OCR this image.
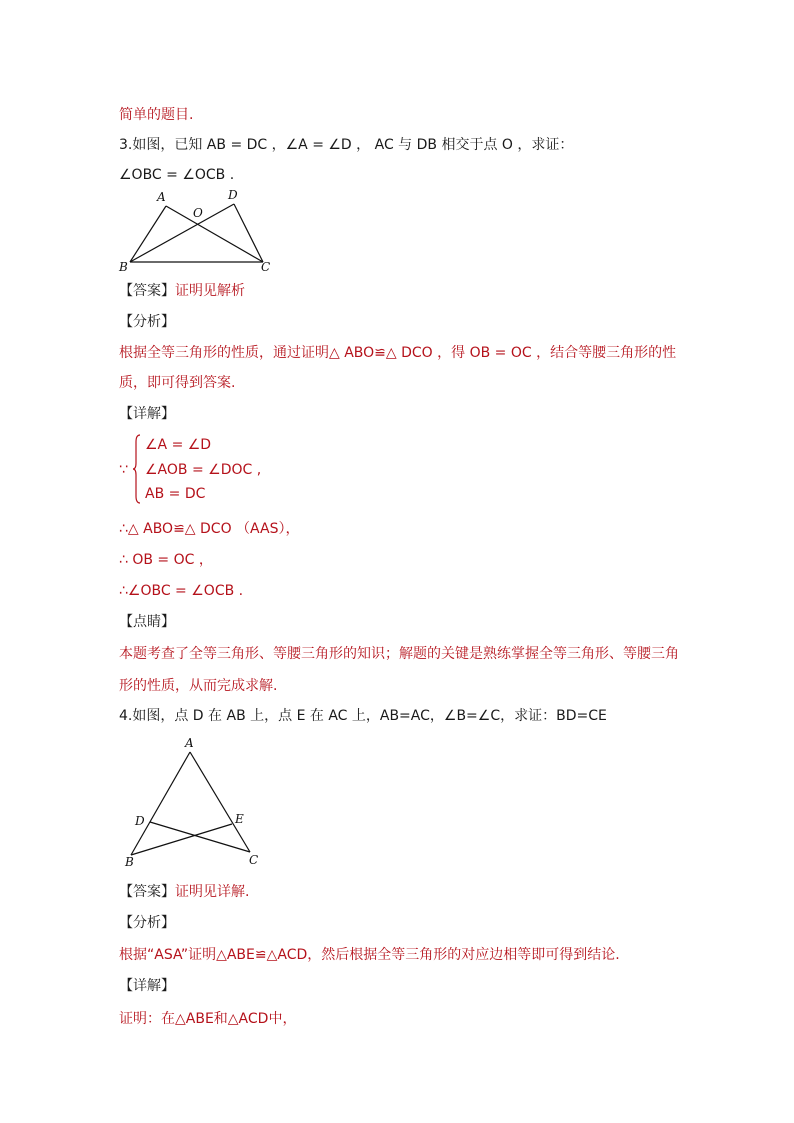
简单的题目.
3.如图，已知 AB = DC ，∠A = ∠D ， AC 与 DB 相交于点 O ，求证：
∠OBC = ∠OCB .
A	D
O
B	C
【答案】证明见解析
【分析】
根据全等三角形的性质，通过证明△ ABO≌△ DCO ，得 OB = OC ，结合等腰三角形的性
质，即可得到答案.
【详解】
∵
∠A = ∠D
∠AOB = ∠DOC ,
AB = DC
∴△ ABO≌△ DCO （AAS），
∴ OB = OC ，
∴∠OBC = ∠OCB .
【点睛】
本题考查了全等三角形、等腰三角形的知识；解题的关键是熟练掌握全等三角形、等腰三角
形的性质，从而完成求解.
4.如图，点 D 在 AB 上，点 E 在 AC 上，AB=AC，∠B=∠C，求证：BD=CE
A
D	E
B	C
【答案】证明见详解.
【分析】
根据“ASA”证明△ABE≌△ACD，然后根据全等三角形的对应边相等即可得到结论.
【详解】
证明：在△ABE和△ACD中，
